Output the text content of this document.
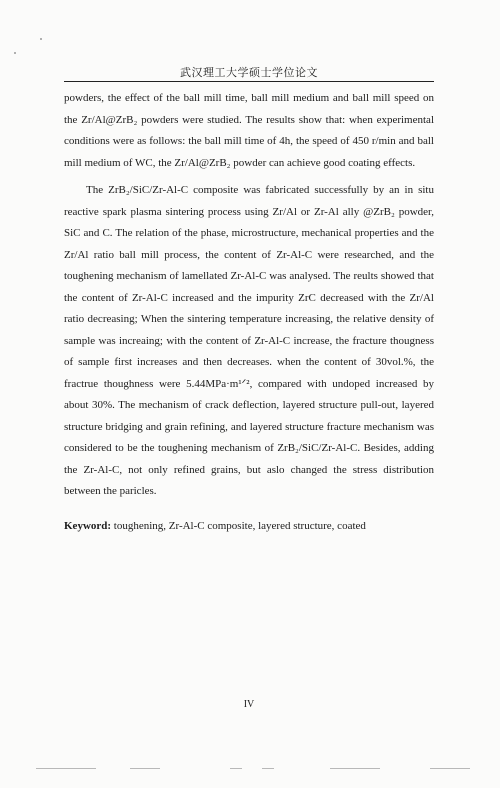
武汉理工大学硕士学位论文

powders, the effect of the ball mill time, ball mill medium and ball mill speed on the Zr/Al@ZrB₂ powders were studied. The results show that: when experimental conditions were as follows: the ball mill time of 4h, the speed of 450 r/min and ball mill medium of WC, the Zr/Al@ZrB₂ powder can achieve good coating effects.

The ZrB₂/SiC/Zr-Al-C composite was fabricated successfully by an in situ reactive spark plasma sintering process using Zr/Al or Zr-Al ally @ZrB₂ powder, SiC and C. The relation of the phase, microstructure, mechanical properties and the Zr/Al ratio ball mill process, the content of Zr-Al-C were researched, and the toughening mechanism of lamellated Zr-Al-C was analysed. The reults showed that the content of Zr-Al-C increased and the impurity ZrC decreased with the Zr/Al ratio decreasing; When the sintering temperature increasing, the relative density of sample was increaing; with the content of Zr-Al-C increase, the fracture thougness of sample first increases and then decreases. when the content of 30vol.%, the fractrue thoughness were 5.44MPa·m¹ᐟ², compared with undoped increased by about 30%. The mechanism of crack deflection, layered structure pull-out, layered structure bridging and grain refining, and layered structure fracture mechanism was considered to be the toughening mechanism of ZrB₂/SiC/Zr-Al-C. Besides, adding the Zr-Al-C, not only refined grains, but aslo changed the stress distribution between the paricles.

Keyword: toughening, Zr-Al-C composite, layered structure, coated

IV
